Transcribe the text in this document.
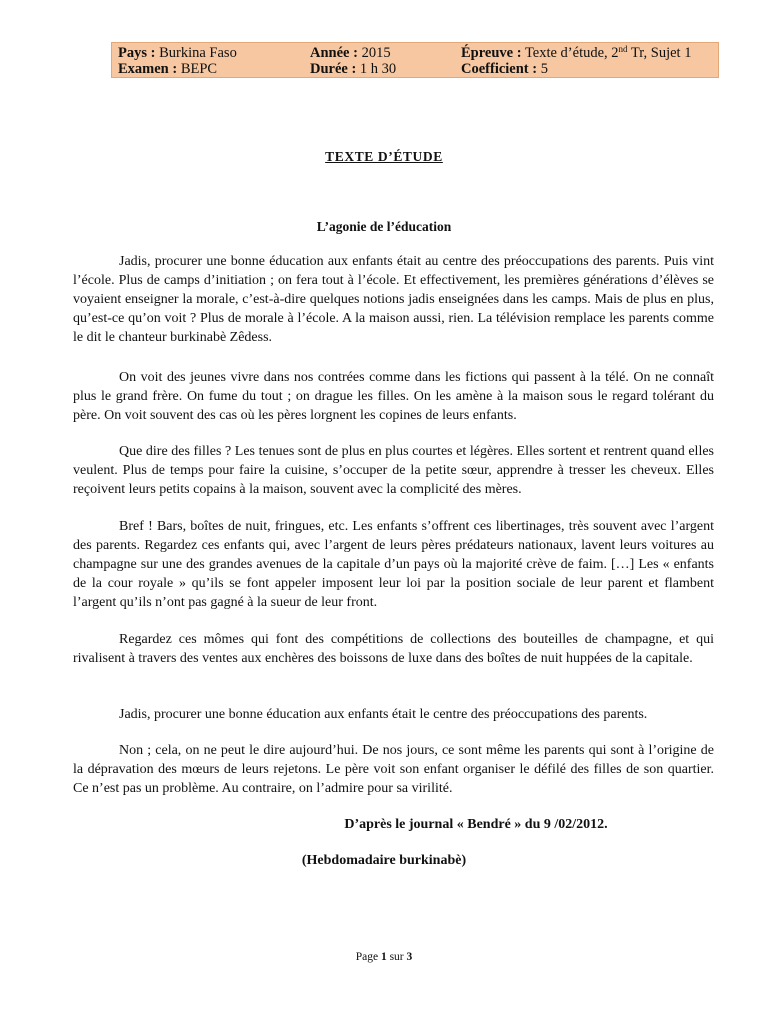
Pays : Burkina Faso	Année : 2015	Épreuve : Texte d’étude, 2nd Tr, Sujet 1
Examen : BEPC	Durée : 1 h 30	Coefficient : 5
TEXTE D’ÉTUDE
L’agonie de l’éducation

Jadis, procurer une bonne éducation aux enfants était au centre des préoccupations des parents. Puis vint l’école. Plus de camps d’initiation ; on fera tout à l’école. Et effectivement, les premières générations d’élèves se voyaient enseigner la morale, c’est-à-dire quelques notions jadis enseignées dans les camps. Mais de plus en plus, qu’est-ce qu’on voit ? Plus de morale à l’école. A la maison aussi, rien. La télévision remplace les parents comme le dit le chanteur burkinabè Zêdess.

On voit des jeunes vivre dans nos contrées comme dans les fictions qui passent à la télé. On ne connaît plus le grand frère. On fume du tout ; on drague les filles. On les amène à la maison sous le regard tolérant du père. On voit souvent des cas où les pères lorgnent les copines de leurs enfants.

Que dire des filles ? Les tenues sont de plus en plus courtes et légères. Elles sortent et rentrent quand elles veulent. Plus de temps pour faire la cuisine, s’occuper de la petite sœur, apprendre à tresser les cheveux. Elles reçoivent leurs petits copains à la maison, souvent avec la complicité des mères.

Bref ! Bars, boîtes de nuit, fringues, etc. Les enfants s’offrent ces libertinages, très souvent avec l’argent des parents. Regardez ces enfants qui, avec l’argent de leurs pères prédateurs nationaux, lavent leurs voitures au champagne sur une des grandes avenues de la capitale d’un pays où la majorité crève de faim. […] Les « enfants de la cour royale » qu’ils se font appeler imposent leur loi par la position sociale de leur parent et flambent l’argent qu’ils n’ont pas gagné à la sueur de leur front.

Regardez ces mômes qui font des compétitions de collections des bouteilles de champagne, et qui rivalisent à travers des ventes aux enchères des boissons de luxe dans des boîtes de nuit huppées de la capitale.

Jadis, procurer une bonne éducation aux enfants était le centre des préoccupations des parents.

Non ; cela, on ne peut le dire aujourd’hui. De nos jours, ce sont même les parents qui sont à l’origine de la dépravation des mœurs de leurs rejetons. Le père voit son enfant organiser le défilé des filles de son quartier. Ce n’est pas un problème. Au contraire, on l’admire pour sa virilité.

D’après le journal « Bendré » du 9 /02/2012.
(Hebdomadaire burkinabè)
Page 1 sur 3
